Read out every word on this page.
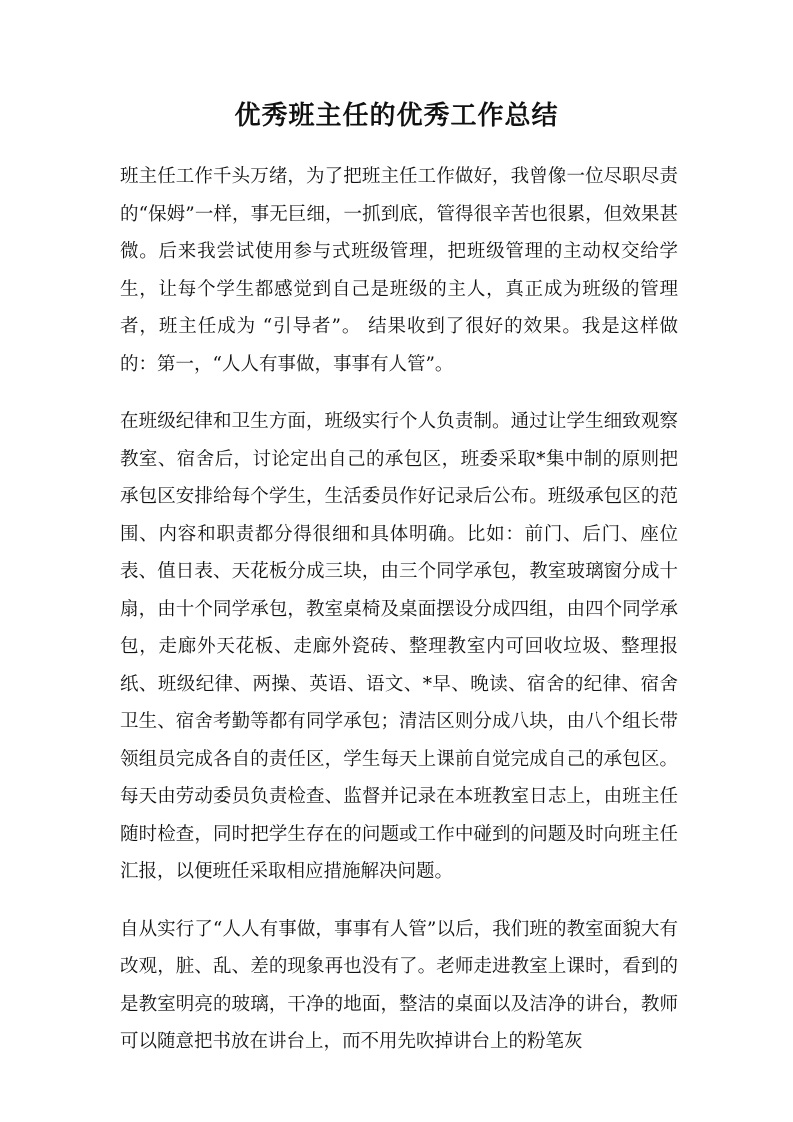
优秀班主任的优秀工作总结

班主任工作千头万绪，为了把班主任工作做好，我曾像一位尽职尽责的“保姆”一样，事无巨细，一抓到底，管得很辛苦也很累，但效果甚微。后来我尝试使用参与式班级管理，把班级管理的主动权交给学生，让每个学生都感觉到自己是班级的主人，真正成为班级的管理者，班主任成为 “引导者”。 结果收到了很好的效果。我是这样做的：第一，“人人有事做，事事有人管”。

在班级纪律和卫生方面，班级实行个人负责制。通过让学生细致观察教室、宿舍后，讨论定出自己的承包区，班委采取*集中制的原则把承包区安排给每个学生，生活委员作好记录后公布。班级承包区的范围、内容和职责都分得很细和具体明确。比如：前门、后门、座位表、值日表、天花板分成三块，由三个同学承包，教室玻璃窗分成十扇，由十个同学承包，教室桌椅及桌面摆设分成四组，由四个同学承包，走廊外天花板、走廊外瓷砖、整理教室内可回收垃圾、整理报纸、班级纪律、两操、英语、语文、*早、晚读、宿舍的纪律、宿舍卫生、宿舍考勤等都有同学承包；清洁区则分成八块，由八个组长带领组员完成各自的责任区，学生每天上课前自觉完成自己的承包区。每天由劳动委员负责检查、监督并记录在本班教室日志上，由班主任随时检查，同时把学生存在的问题或工作中碰到的问题及时向班主任汇报，以便班任采取相应措施解决问题。

自从实行了“人人有事做，事事有人管”以后，我们班的教室面貌大有改观，脏、乱、差的现象再也没有了。老师走进教室上课时，看到的是教室明亮的玻璃，干净的地面，整洁的桌面以及洁净的讲台，教师可以随意把书放在讲台上，而不用先吹掉讲台上的粉笔灰
